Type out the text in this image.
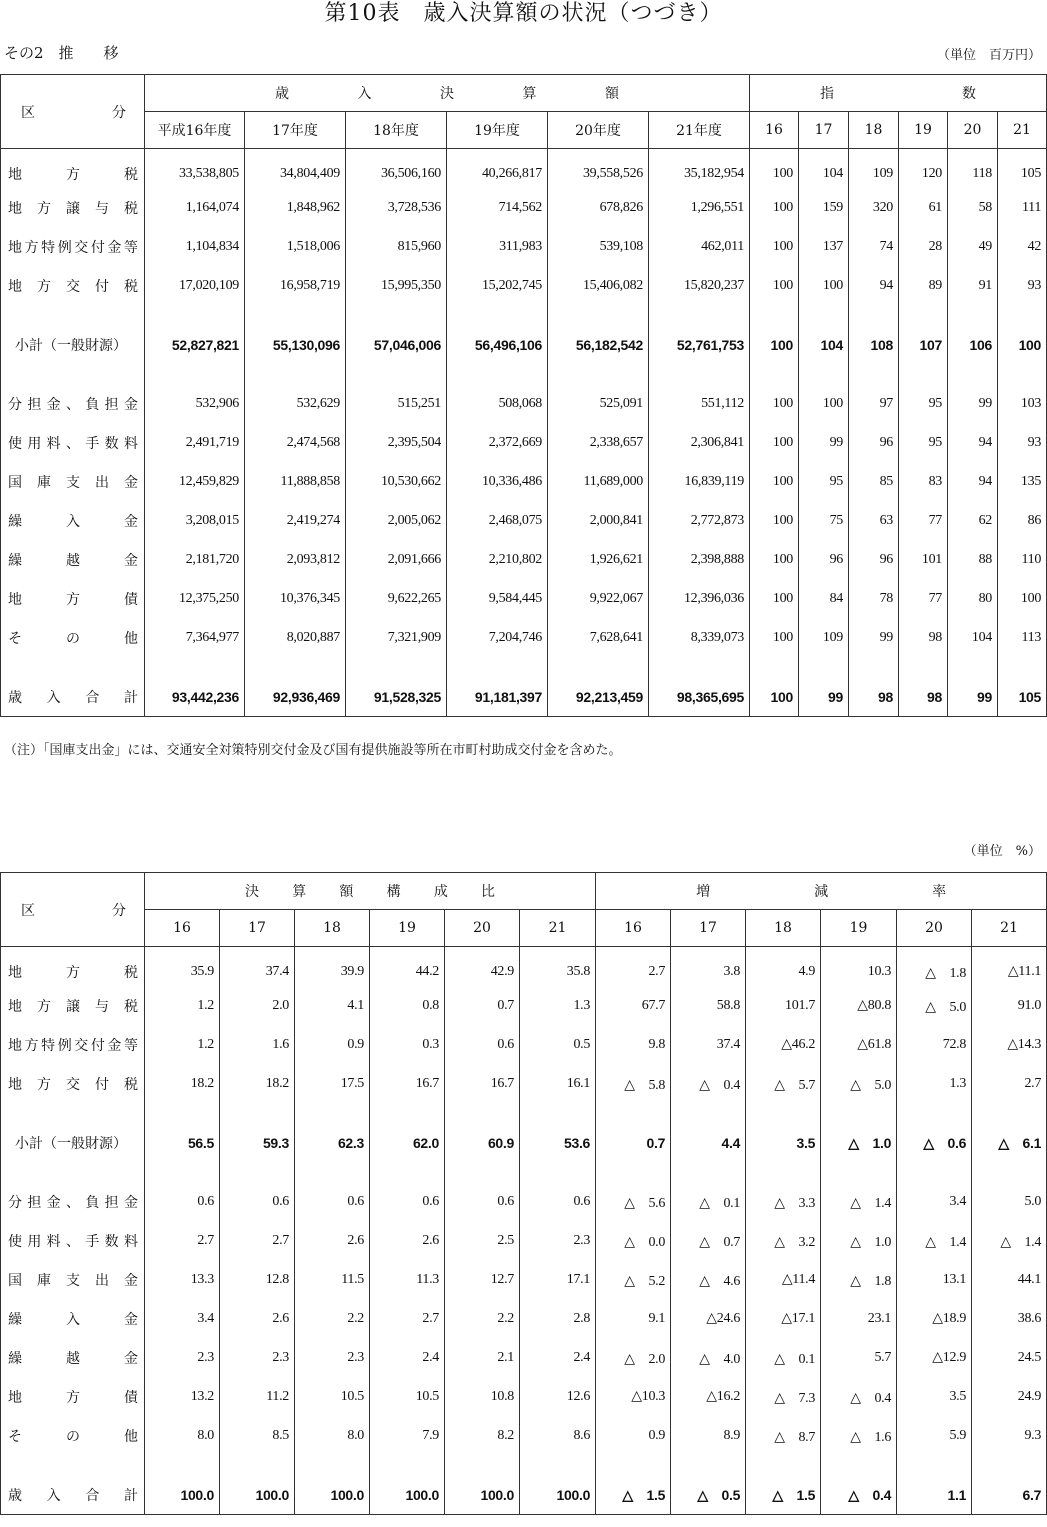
第10表　歳入決算額の状況（つづき）
その2　推　　移	（単位　百万円）
区　　分	歳　入　決　算　額						指　　数					
	平成16年度	17年度	18年度	19年度	20年度	21年度	16	17	18	19	20	21
地方税	33,538,805	34,804,409	36,506,160	40,266,817	39,558,526	35,182,954	100	104	109	120	118	105
地方譲与税	1,164,074	1,848,962	3,728,536	714,562	678,826	1,296,551	100	159	320	61	58	111
地方特例交付金等	1,104,834	1,518,006	815,960	311,983	539,108	462,011	100	137	74	28	49	42
地方交付税	17,020,109	16,958,719	15,995,350	15,202,745	15,406,082	15,820,237	100	100	94	89	91	93

小計（一般財源）	52,827,821	55,130,096	57,046,006	56,496,106	56,182,542	52,761,753	100	104	108	107	106	100

分担金、負担金	532,906	532,629	515,251	508,068	525,091	551,112	100	100	97	95	99	103
使用料、手数料	2,491,719	2,474,568	2,395,504	2,372,669	2,338,657	2,306,841	100	99	96	95	94	93
国庫支出金	12,459,829	11,888,858	10,530,662	10,336,486	11,689,000	16,839,119	100	95	85	83	94	135
繰入金	3,208,015	2,419,274	2,005,062	2,468,075	2,000,841	2,772,873	100	75	63	77	62	86
繰越金	2,181,720	2,093,812	2,091,666	2,210,802	1,926,621	2,398,888	100	96	96	101	88	110
地方債	12,375,250	10,376,345	9,622,265	9,584,445	9,922,067	12,396,036	100	84	78	77	80	100
その他	7,364,977	8,020,887	7,321,909	7,204,746	7,628,641	8,339,073	100	109	99	98	104	113

歳入合計	93,442,236	92,936,469	91,528,325	91,181,397	92,213,459	98,365,695	100	99	98	98	99	105
（注）「国庫支出金」には、交通安全対策特別交付金及び国有提供施設等所在市町村助成交付金を含めた。
（単位　%）
区　　分	決　算　額　構　成　比						増　　減　　率					
	16	17	18	19	20	21	16	17	18	19	20	21
地方税	35.9	37.4	39.9	44.2	42.9	35.8	2.7	3.8	4.9	10.3	△　1.8	△11.1
地方譲与税	1.2	2.0	4.1	0.8	0.7	1.3	67.7	58.8	101.7	△80.8	△　5.0	91.0
地方特例交付金等	1.2	1.6	0.9	0.3	0.6	0.5	9.8	37.4	△46.2	△61.8	72.8	△14.3
地方交付税	18.2	18.2	17.5	16.7	16.7	16.1	△　5.8	△　0.4	△　5.7	△　5.0	1.3	2.7

小計（一般財源）	56.5	59.3	62.3	62.0	60.9	53.6	0.7	4.4	3.5	△　1.0	△　0.6	△　6.1

分担金、負担金	0.6	0.6	0.6	0.6	0.6	0.6	△　5.6	△　0.1	△　3.3	△　1.4	3.4	5.0
使用料、手数料	2.7	2.7	2.6	2.6	2.5	2.3	△　0.0	△　0.7	△　3.2	△　1.0	△　1.4	△　1.4
国庫支出金	13.3	12.8	11.5	11.3	12.7	17.1	△　5.2	△　4.6	△11.4	△　1.8	13.1	44.1
繰入金	3.4	2.6	2.2	2.7	2.2	2.8	9.1	△24.6	△17.1	23.1	△18.9	38.6
繰越金	2.3	2.3	2.3	2.4	2.1	2.4	△　2.0	△　4.0	△　0.1	5.7	△12.9	24.5
地方債	13.2	11.2	10.5	10.5	10.8	12.6	△10.3	△16.2	△　7.3	△　0.4	3.5	24.9
その他	8.0	8.5	8.0	7.9	8.2	8.6	0.9	8.9	△　8.7	△　1.6	5.9	9.3

歳入合計	100.0	100.0	100.0	100.0	100.0	100.0	△　1.5	△　0.5	△　1.5	△　0.4	1.1	6.7
